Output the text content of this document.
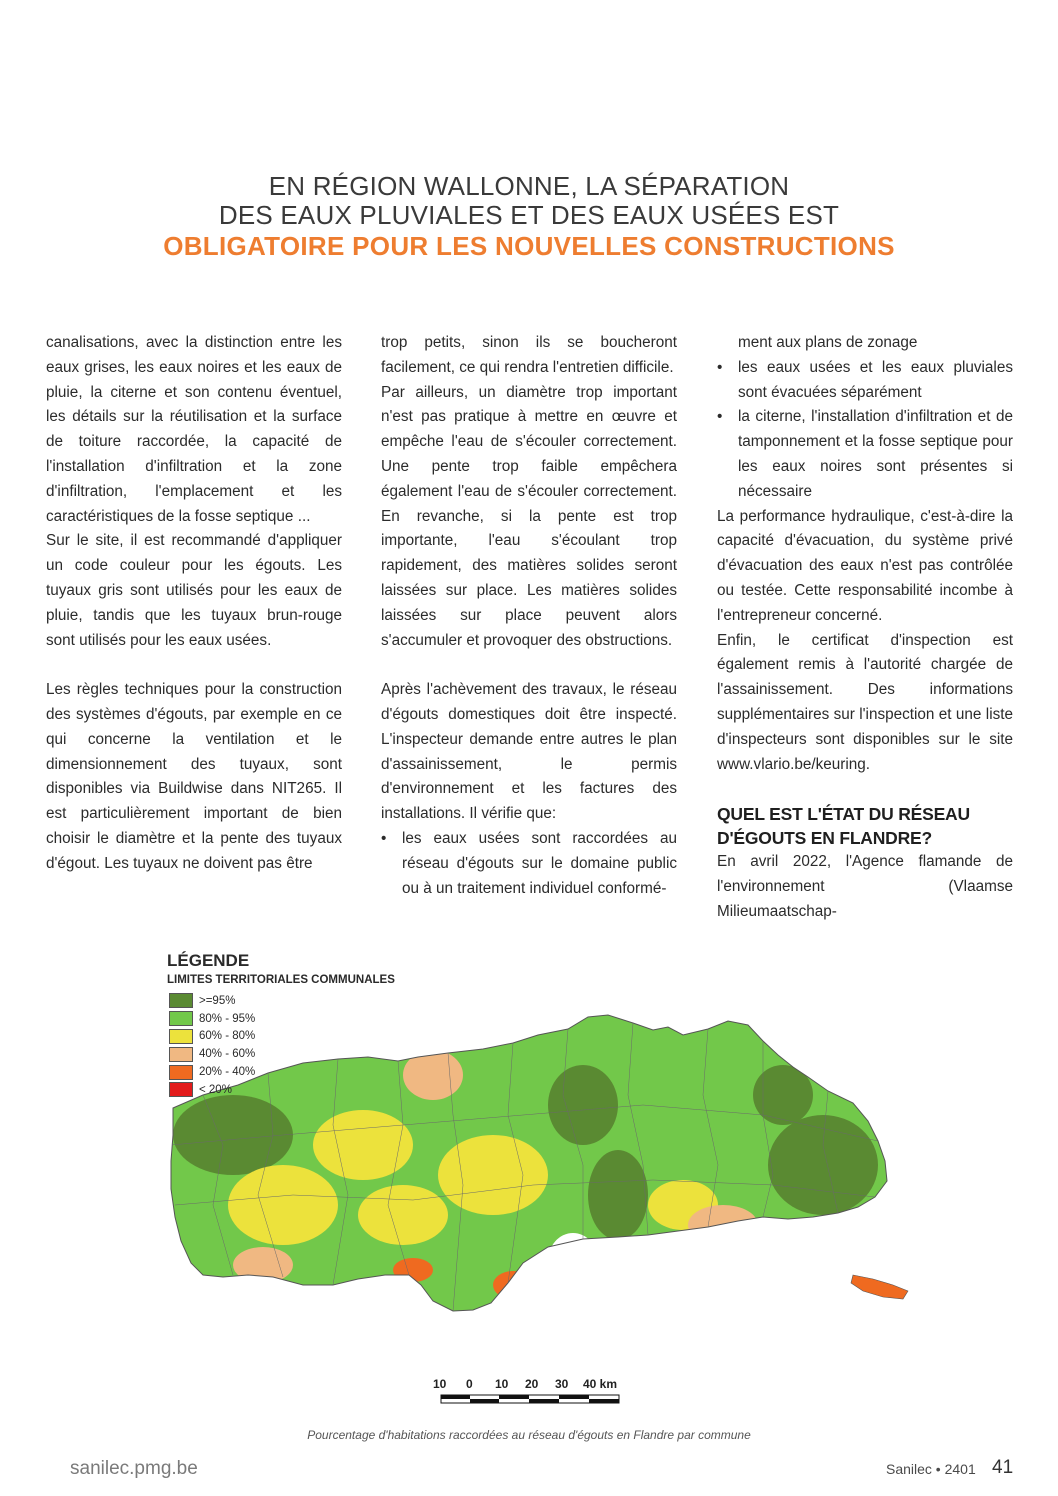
EN RÉGION WALLONNE, LA SÉPARATION
DES EAUX PLUVIALES ET DES EAUX USÉES EST
OBLIGATOIRE POUR LES NOUVELLES CONSTRUCTIONS

canalisations, avec la distinction entre les eaux grises, les eaux noires et les eaux de pluie, la citerne et son contenu éventuel, les détails sur la réutilisation et la surface de toiture raccordée, la capacité de l'installation d'infiltration et la zone d'infiltration, l'emplacement et les caractéristiques de la fosse septique ...

Sur le site, il est recommandé d'appliquer un code couleur pour les égouts. Les tuyaux gris sont utilisés pour les eaux de pluie, tandis que les tuyaux brun-rouge sont utilisés pour les eaux usées.

Les règles techniques pour la construction des systèmes d'égouts, par exemple en ce qui concerne la ventilation et le dimensionnement des tuyaux, sont disponibles via Buildwise dans NIT265. Il est particulièrement important de bien choisir le diamètre et la pente des tuyaux d'égout. Les tuyaux ne doivent pas être

trop petits, sinon ils se boucheront facilement, ce qui rendra l'entretien difficile.

Par ailleurs, un diamètre trop important n'est pas pratique à mettre en œuvre et empêche l'eau de s'écouler correctement. Une pente trop faible empêchera également l'eau de s'écouler correctement. En revanche, si la pente est trop importante, l'eau s'écoulant trop rapidement, des matières solides seront laissées sur place. Les matières solides laissées sur place peuvent alors s'accumuler et provoquer des obstructions.

Après l'achèvement des travaux, le réseau d'égouts domestiques doit être inspecté. L'inspecteur demande entre autres le plan d'assainissement, le permis d'environnement et les factures des installations. Il vérifie que:

• les eaux usées sont raccordées au réseau d'égouts sur le domaine public ou à un traitement individuel conformé-
ment aux plans de zonage
• les eaux usées et les eaux pluviales sont évacuées séparément
• la citerne, l'installation d'infiltration et de tamponnement et la fosse septique pour les eaux noires sont présentes si nécessaire

La performance hydraulique, c'est-à-dire la capacité d'évacuation, du système privé d'évacuation des eaux n'est pas contrôlée ou testée. Cette responsabilité incombe à l'entrepreneur concerné.

Enfin, le certificat d'inspection est également remis à l'autorité chargée de l'assainissement. Des informations supplémentaires sur l'inspection et une liste d'inspecteurs sont disponibles sur le site www.vlario.be/keuring.

QUEL EST L'ÉTAT DU RÉSEAU D'ÉGOUTS EN FLANDRE?

En avril 2022, l'Agence flamande de l'environnement (Vlaamse Milieumaatschap-

LÉGENDE
LIMITES TERRITORIALES COMMUNALES
>=95%
80% - 95%
60% - 80%
40% - 60%
20% - 40%
< 20%
10 0 10 20 30 40 km
Pourcentage d'habitations raccordées au réseau d'égouts en Flandre par commune
sanilec.pmg.be	Sanilec • 2401 41
